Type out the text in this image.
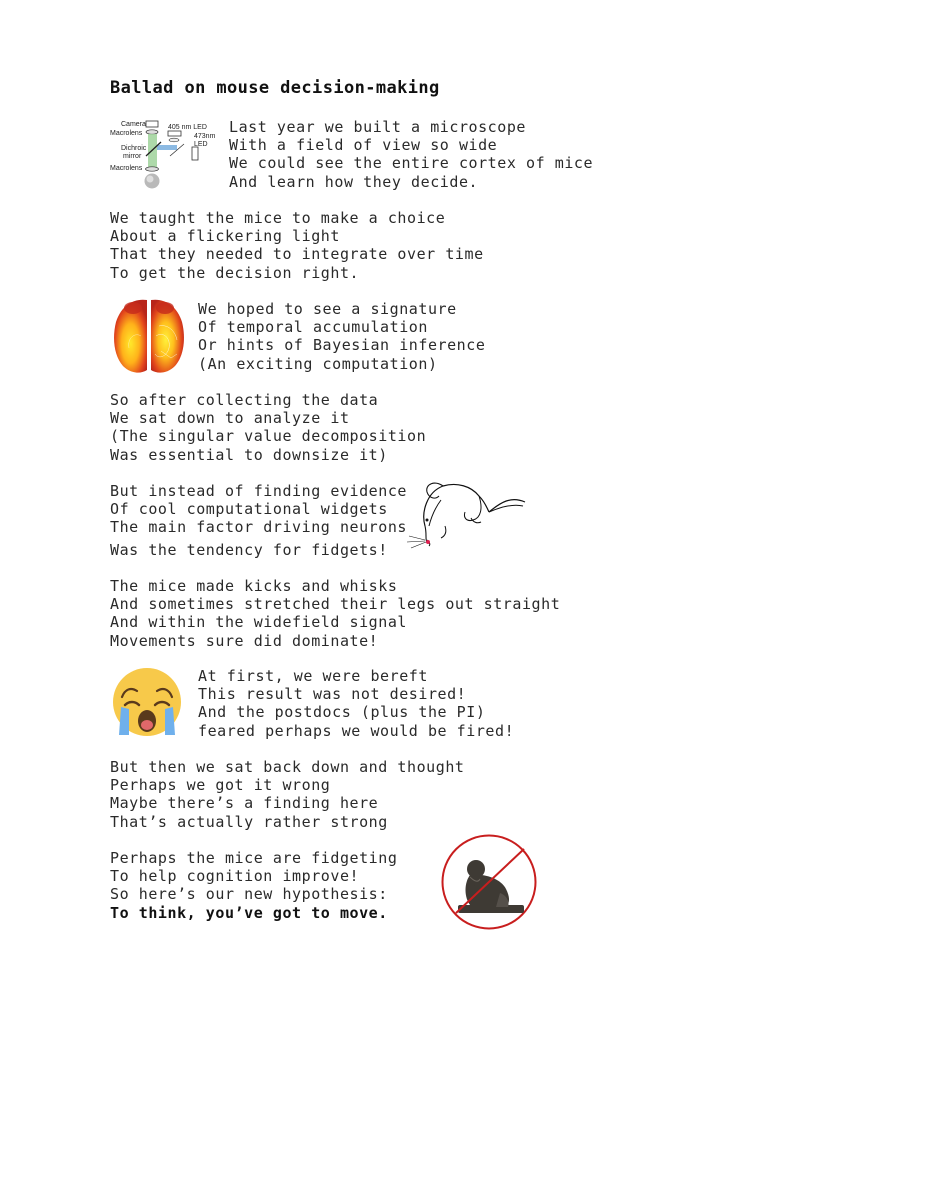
Ballad on mouse decision-making
Camera
Macrolens
405 nm LED
473nm
LED
Dichroic
mirror
Macrolens
Last year we built a microscope
With a field of view so wide
We could see the entire cortex of mice
And learn how they decide.
We taught the mice to make a choice
About a flickering light
That they needed to integrate over time
To get the decision right.
We hoped to see a signature
Of temporal accumulation
Or hints of Bayesian inference
(An exciting computation)
So after collecting the data
We sat down to analyze it
(The singular value decomposition
Was essential to downsize it)
But instead of finding evidence
Of cool computational widgets
The main factor driving neurons
Was the tendency for fidgets!
The mice made kicks and whisks
And sometimes stretched their legs out straight
And within the widefield signal
Movements sure did dominate!
At first, we were bereft
This result was not desired!
And the postdocs (plus the PI)
feared perhaps we would be fired!
But then we sat back down and thought
Perhaps we got it wrong
Maybe there’s a finding here
That’s actually rather strong
Perhaps the mice are fidgeting
To help cognition improve!
So here’s our new hypothesis:
To think, you’ve got to move.
